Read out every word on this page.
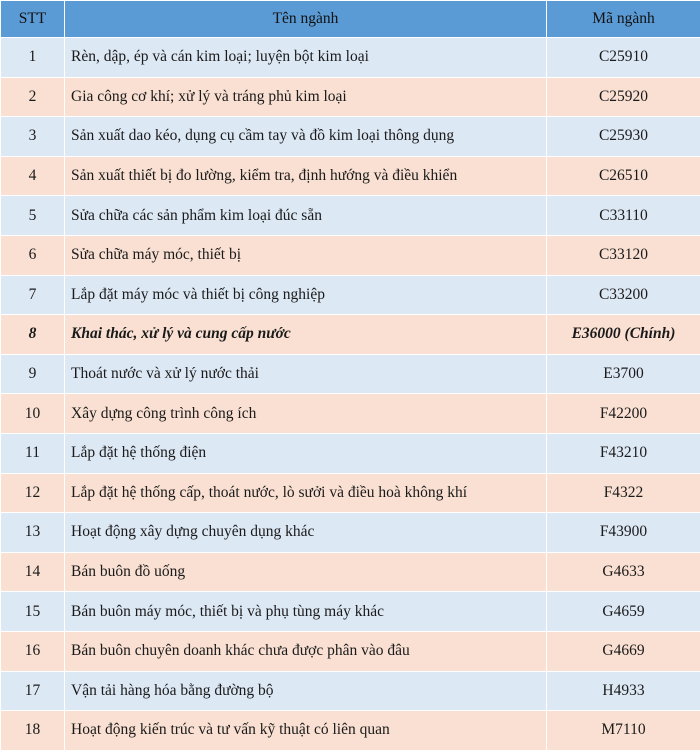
STT	Tên ngành	Mã ngành
1	Rèn, dập, ép và cán kim loại; luyện bột kim loại	C25910
2	Gia công cơ khí; xử lý và tráng phủ kim loại	C25920
3	Sản xuất dao kéo, dụng cụ cầm tay và đồ kim loại thông dụng	C25930
4	Sản xuất thiết bị đo lường, kiểm tra, định hướng và điều khiển	C26510
5	Sửa chữa các sản phẩm kim loại đúc sẵn	C33110
6	Sửa chữa máy móc, thiết bị	C33120
7	Lắp đặt máy móc và thiết bị công nghiệp	C33200
8	Khai thác, xử lý và cung cấp nước	E36000 (Chính)
9	Thoát nước và xử lý nước thải	E3700
10	Xây dựng công trình công ích	F42200
11	Lắp đặt hệ thống điện	F43210
12	Lắp đặt hệ thống cấp, thoát nước, lò sưởi và điều hoà không khí	F4322
13	Hoạt động xây dựng chuyên dụng khác	F43900
14	Bán buôn đồ uống	G4633
15	Bán buôn máy móc, thiết bị và phụ tùng máy khác	G4659
16	Bán buôn chuyên doanh khác chưa được phân vào đâu	G4669
17	Vận tải hàng hóa bằng đường bộ	H4933
18	Hoạt động kiến trúc và tư vấn kỹ thuật có liên quan	M7110
